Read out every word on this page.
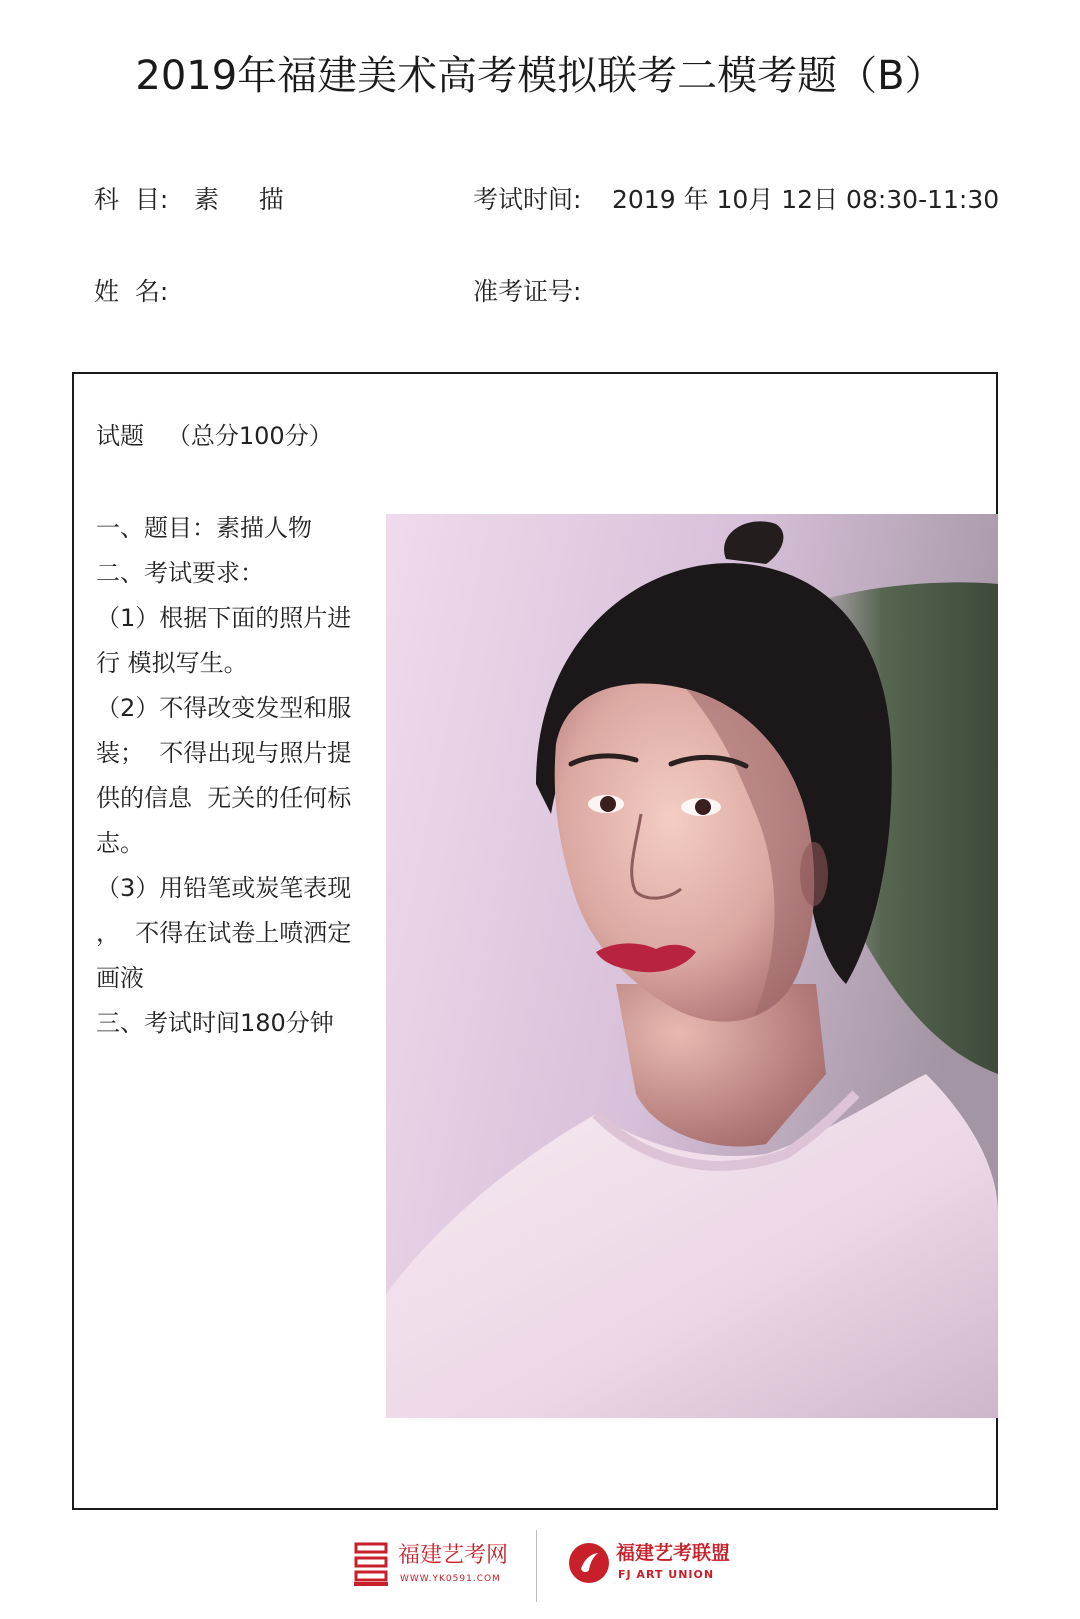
2019年福建美术高考模拟联考二模考题（B）
科  目: 素     描	考试时间: 2019 年 10月 12日 08:30-11:30
姓  名:	准考证号:
试题   （总分100分）
一、题目：素描人物
二、考试要求：
（1）根据下面的照片进
行 模拟写生。
（2）不得改变发型和服
装；  不得出现与照片提
供的信息  无关的任何标
志。
（3）用铅笔或炭笔表现
，  不得在试卷上喷洒定
画液
三、考试时间180分钟
福建艺考网
WWW.YK0591.COM
福建艺考联盟
FJ ART UNION
